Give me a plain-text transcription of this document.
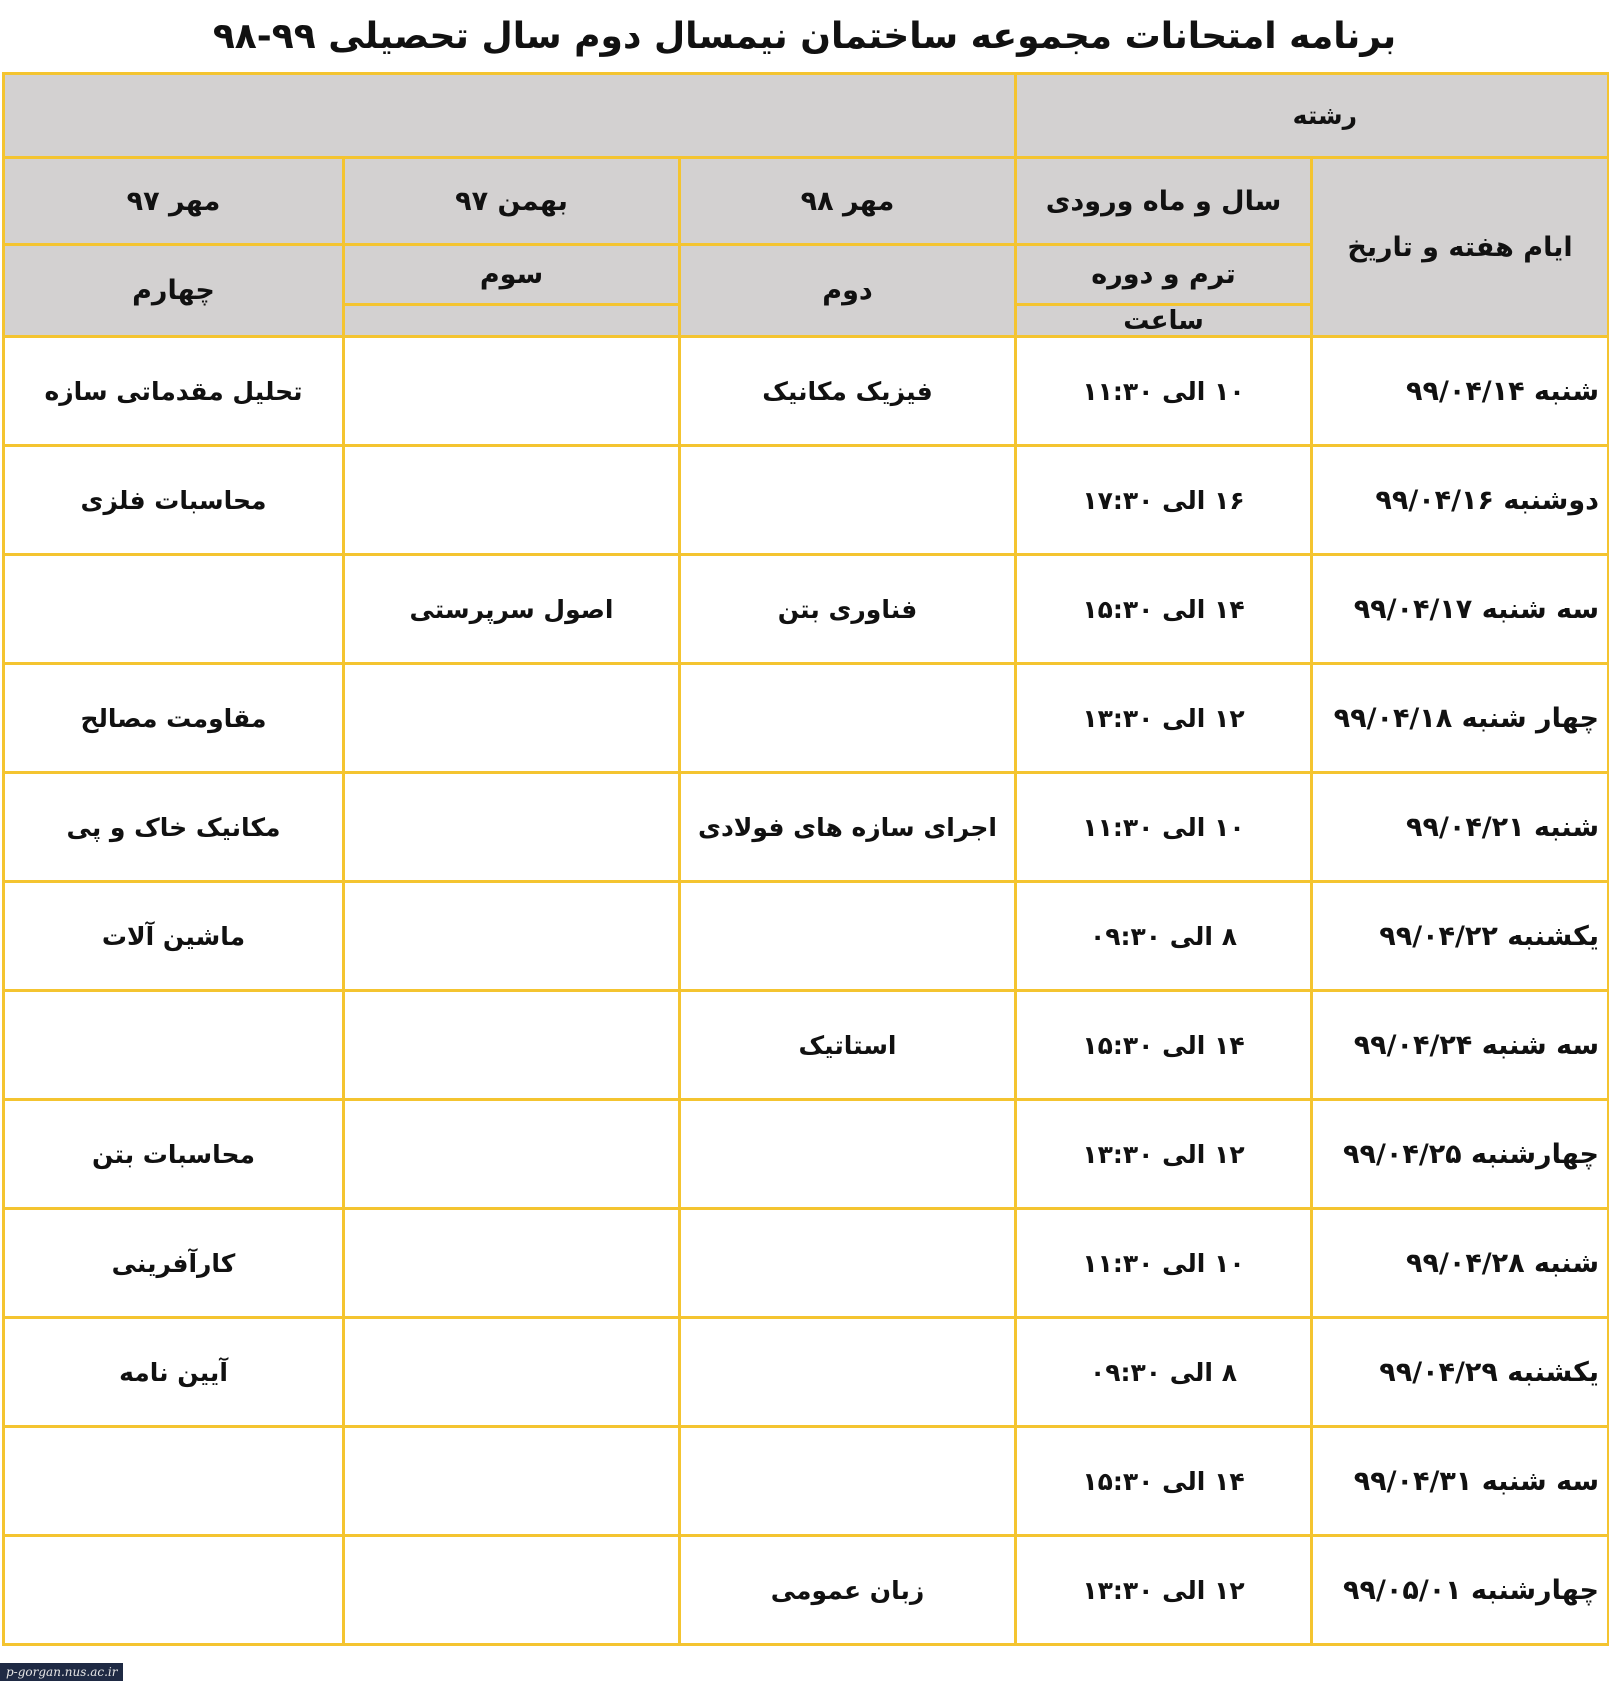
برنامه امتحانات مجموعه ساختمان نیمسال دوم سال تحصیلی ۹۹-۹۸
رشته				
ایام هفته و تاریخ	سال و ماه ورودی	مهر ۹۸	بهمن ۹۷	مهر ۹۷
	ترم و دوره	دوم	سوم	چهارم
	ساعت			
شنبه ۹۹/۰۴/۱۴	۱۰ الی ۱۱:۳۰	فیزیک مکانیک		تحلیل مقدماتی سازه
دوشنبه ۹۹/۰۴/۱۶	۱۶ الی ۱۷:۳۰			محاسبات فلزی
سه شنبه ۹۹/۰۴/۱۷	۱۴ الی ۱۵:۳۰	فناوری بتن	اصول سرپرستی	
چهار شنبه ۹۹/۰۴/۱۸	۱۲ الی ۱۳:۳۰			مقاومت مصالح
شنبه ۹۹/۰۴/۲۱	۱۰ الی ۱۱:۳۰	اجرای سازه های فولادی		مکانیک خاک و پی
یکشنبه ۹۹/۰۴/۲۲	۸ الی ۰۹:۳۰			ماشین آلات
سه شنبه ۹۹/۰۴/۲۴	۱۴ الی ۱۵:۳۰	استاتیک		
چهارشنبه ۹۹/۰۴/۲۵	۱۲ الی ۱۳:۳۰			محاسبات بتن
شنبه ۹۹/۰۴/۲۸	۱۰ الی ۱۱:۳۰			کارآفرینی
یکشنبه ۹۹/۰۴/۲۹	۸ الی ۰۹:۳۰			آیین نامه
سه شنبه ۹۹/۰۴/۳۱	۱۴ الی ۱۵:۳۰			
چهارشنبه ۹۹/۰۵/۰۱	۱۲ الی ۱۳:۳۰	زبان عمومی		
p-gorgan.nus.ac.ir
